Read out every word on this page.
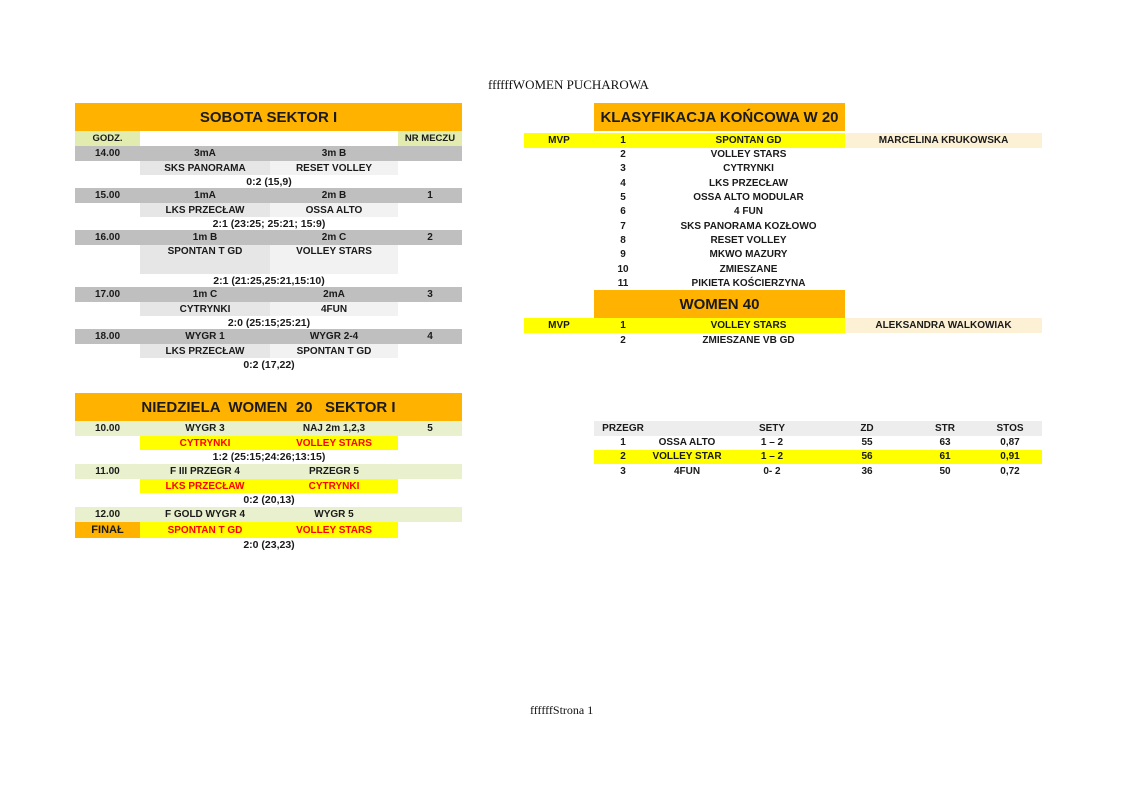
ffffffWOMEN PUCHAROWA
SOBOTA SEKTOR I
GODZ.	NR MECZU
14.00	3mA	3m B
SKS PANORAMA	RESET VOLLEY
0:2 (15,9)
15.00	1mA	2m B	1
LKS PRZECŁAW	OSSA ALTO
2:1 (23:25; 25:21; 15:9)
16.00	1m B	2m C	2
SPONTAN T GD	VOLLEY STARS
2:1 (21:25,25:21,15:10)
17.00	1m C	2mA	3
CYTRYNKI	4FUN
2:0 (25:15;25:21)
18.00	WYGR 1	WYGR 2-4	4
LKS PRZECŁAW	SPONTAN T GD
0:2 (17,22)
NIEDZIELA  WOMEN  20   SEKTOR I
10.00	WYGR 3	NAJ 2m 1,2,3	5
CYTRYNKI	VOLLEY STARS
1:2 (25:15;24:26;13:15)
11.00	F III PRZEGR 4	PRZEGR 5
LKS PRZECŁAW	CYTRYNKI
0:2 (20,13)
12.00	F GOLD WYGR 4	WYGR 5
FINAŁ	SPONTAN T GD	VOLLEY STARS
2:0 (23,23)
KLASYFIKACJA KOŃCOWA W 20
MVP	1	SPONTAN GD	MARCELINA KRUKOWSKA
2	VOLLEY STARS
3	CYTRYNKI
4	LKS PRZECŁAW
5	OSSA ALTO MODULAR
6	4 FUN
7	SKS PANORAMA KOZŁOWO
8	RESET VOLLEY
9	MKWO MAZURY
10	ZMIESZANE
11	PIKIETA KOŚCIERZYNA
WOMEN 40
MVP	1	VOLLEY STARS	ALEKSANDRA WALKOWIAK
2	ZMIESZANE VB GD
PRZEGR	SETY	ZD	STR	STOS
1	OSSA ALTO	1 – 2	55	63	0,87
2	VOLLEY STAR	1 – 2	56	61	0,91
3	4FUN	0- 2	36	50	0,72
ffffffStrona 1
